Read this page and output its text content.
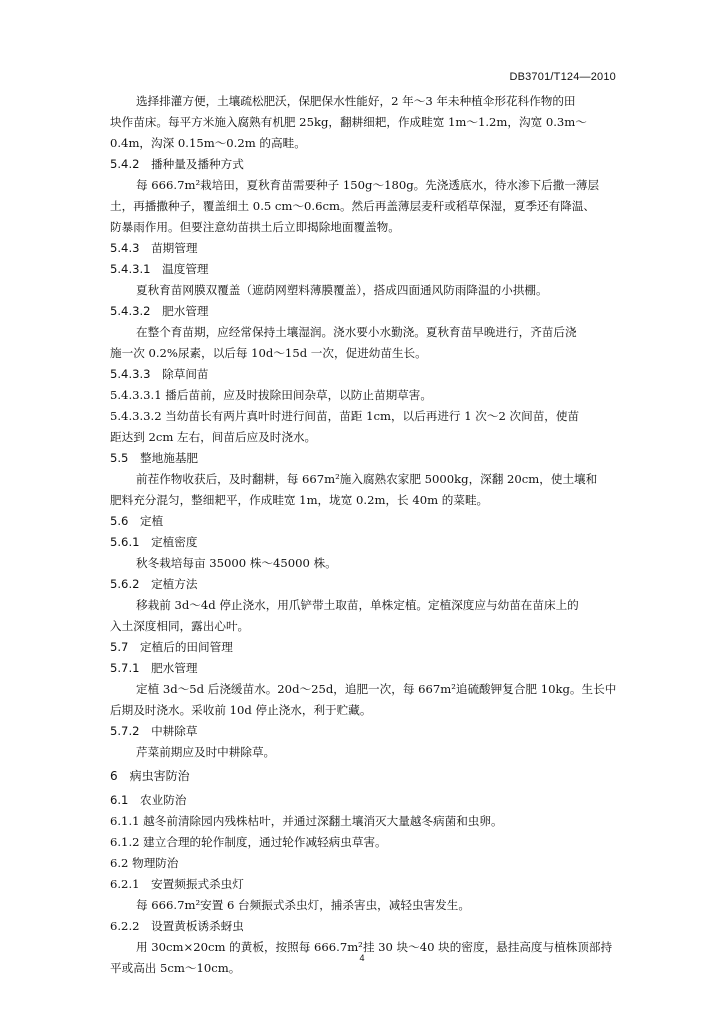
DB3701/T124—2010
选择排灌方便，土壤疏松肥沃，保肥保水性能好，2 年～3 年未种植伞形花科作物的田
块作苗床。每平方米施入腐熟有机肥 25kg，翻耕细耙，作成畦宽 1m～1.2m，沟宽 0.3m～
0.4m，沟深 0.15m～0.2m 的高畦。
5.4.2　播种量及播种方式
每 666.7m²栽培田，夏秋育苗需要种子 150g～180g。先浇透底水，待水渗下后撒一薄层
土，再播撒种子，覆盖细土 0.5 cm～0.6cm。然后再盖薄层麦秆或稻草保湿，夏季还有降温、
防暴雨作用。但要注意幼苗拱土后立即揭除地面覆盖物。
5.4.3　苗期管理
5.4.3.1　温度管理
夏秋育苗网膜双覆盖（遮荫网塑料薄膜覆盖），搭成四面通风防雨降温的小拱棚。
5.4.3.2　肥水管理
在整个育苗期，应经常保持土壤湿润。浇水要小水勤浇。夏秋育苗早晚进行，齐苗后浇
施一次 0.2%尿素，以后每 10d～15d 一次，促进幼苗生长。
5.4.3.3　除草间苗
5.4.3.3.1 播后苗前，应及时拔除田间杂草，以防止苗期草害。
5.4.3.3.2 当幼苗长有两片真叶时进行间苗，苗距 1cm，以后再进行 1 次～2 次间苗，使苗
距达到 2cm 左右，间苗后应及时浇水。
5.5　整地施基肥
前茬作物收获后，及时翻耕，每 667m²施入腐熟农家肥 5000kg，深翻 20cm，使土壤和
肥料充分混匀，整细耙平，作成畦宽 1m，垅宽 0.2m，长 40m 的菜畦。
5.6　定植
5.6.1　定植密度
秋冬栽培每亩 35000 株～45000 株。
5.6.2　定植方法
移栽前 3d～4d 停止浇水，用爪铲带土取苗，单株定植。定植深度应与幼苗在苗床上的
入土深度相同，露出心叶。
5.7　定植后的田间管理
5.7.1　肥水管理
定植 3d～5d 后浇缓苗水。20d～25d，追肥一次，每 667m²追硫酸钾复合肥 10kg。生长中
后期及时浇水。采收前 10d 停止浇水，利于贮藏。
5.7.2　中耕除草
芹菜前期应及时中耕除草。
6　病虫害防治
6.1　农业防治
6.1.1 越冬前清除园内残株枯叶，并通过深翻土壤消灭大量越冬病菌和虫卵。
6.1.2 建立合理的轮作制度，通过轮作减轻病虫草害。
6.2 物理防治
6.2.1　安置频振式杀虫灯
每 666.7m²安置 6 台频振式杀虫灯，捕杀害虫，减轻虫害发生。
6.2.2　设置黄板诱杀蚜虫
用 30cm×20cm 的黄板，按照每 666.7m²挂 30 块～40 块的密度，悬挂高度与植株顶部持
平或高出 5cm～10cm。
4
